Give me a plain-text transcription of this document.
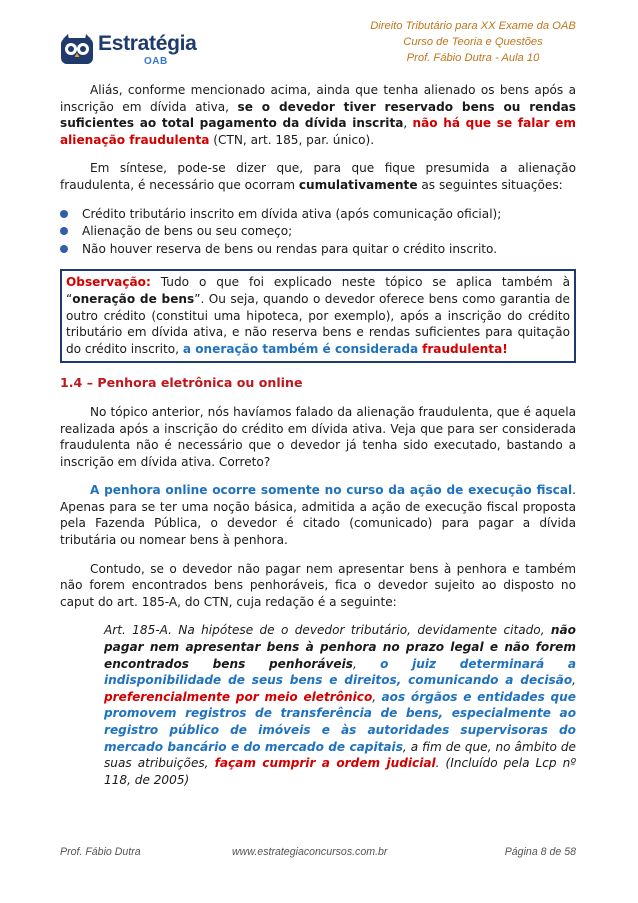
Estratégia
OAB
Direito Tributário para XX Exame da OAB
Curso de Teoria e Questões
Prof. Fábio Dutra - Aula 10

Aliás, conforme mencionado acima, ainda que tenha alienado os bens após a inscrição em dívida ativa, se o devedor tiver reservado bens ou rendas suficientes ao total pagamento da dívida inscrita, não há que se falar em alienação fraudulenta (CTN, art. 185, par. único).

Em síntese, pode-se dizer que, para que fique presumida a alienação fraudulenta, é necessário que ocorram cumulativamente as seguintes situações:

Crédito tributário inscrito em dívida ativa (após comunicação oficial);
Alienação de bens ou seu começo;
Não houver reserva de bens ou rendas para quitar o crédito inscrito.
Observação: Tudo o que foi explicado neste tópico se aplica também à “oneração de bens”. Ou seja, quando o devedor oferece bens como garantia de outro crédito (constitui uma hipoteca, por exemplo), após a inscrição do crédito tributário em dívida ativa, e não reserva bens e rendas suficientes para quitação do crédito inscrito, a oneração também é considerada fraudulenta!
1.4 – Penhora eletrônica ou online

No tópico anterior, nós havíamos falado da alienação fraudulenta, que é aquela realizada após a inscrição do crédito em dívida ativa. Veja que para ser considerada fraudulenta não é necessário que o devedor já tenha sido executado, bastando a inscrição em dívida ativa. Correto?

A penhora online ocorre somente no curso da ação de execução fiscal. Apenas para se ter uma noção básica, admitida a ação de execução fiscal proposta pela Fazenda Pública, o devedor é citado (comunicado) para pagar a dívida tributária ou nomear bens à penhora.

Contudo, se o devedor não pagar nem apresentar bens à penhora e também não forem encontrados bens penhoráveis, fica o devedor sujeito ao disposto no caput do art. 185-A, do CTN, cuja redação é a seguinte:

Art. 185-A. Na hipótese de o devedor tributário, devidamente citado, não pagar nem apresentar bens à penhora no prazo legal e não forem encontrados bens penhoráveis, o juiz determinará a indisponibilidade de seus bens e direitos, comunicando a decisão, preferencialmente por meio eletrônico, aos órgãos e entidades que promovem registros de transferência de bens, especialmente ao registro público de imóveis e às autoridades supervisoras do mercado bancário e do mercado de capitais, a fim de que, no âmbito de suas atribuições, façam cumprir a ordem judicial. (Incluído pela Lcp nº 118, de 2005)

Prof. Fábio Dutra	www.estrategiaconcursos.com.br	Página 8 de 58
